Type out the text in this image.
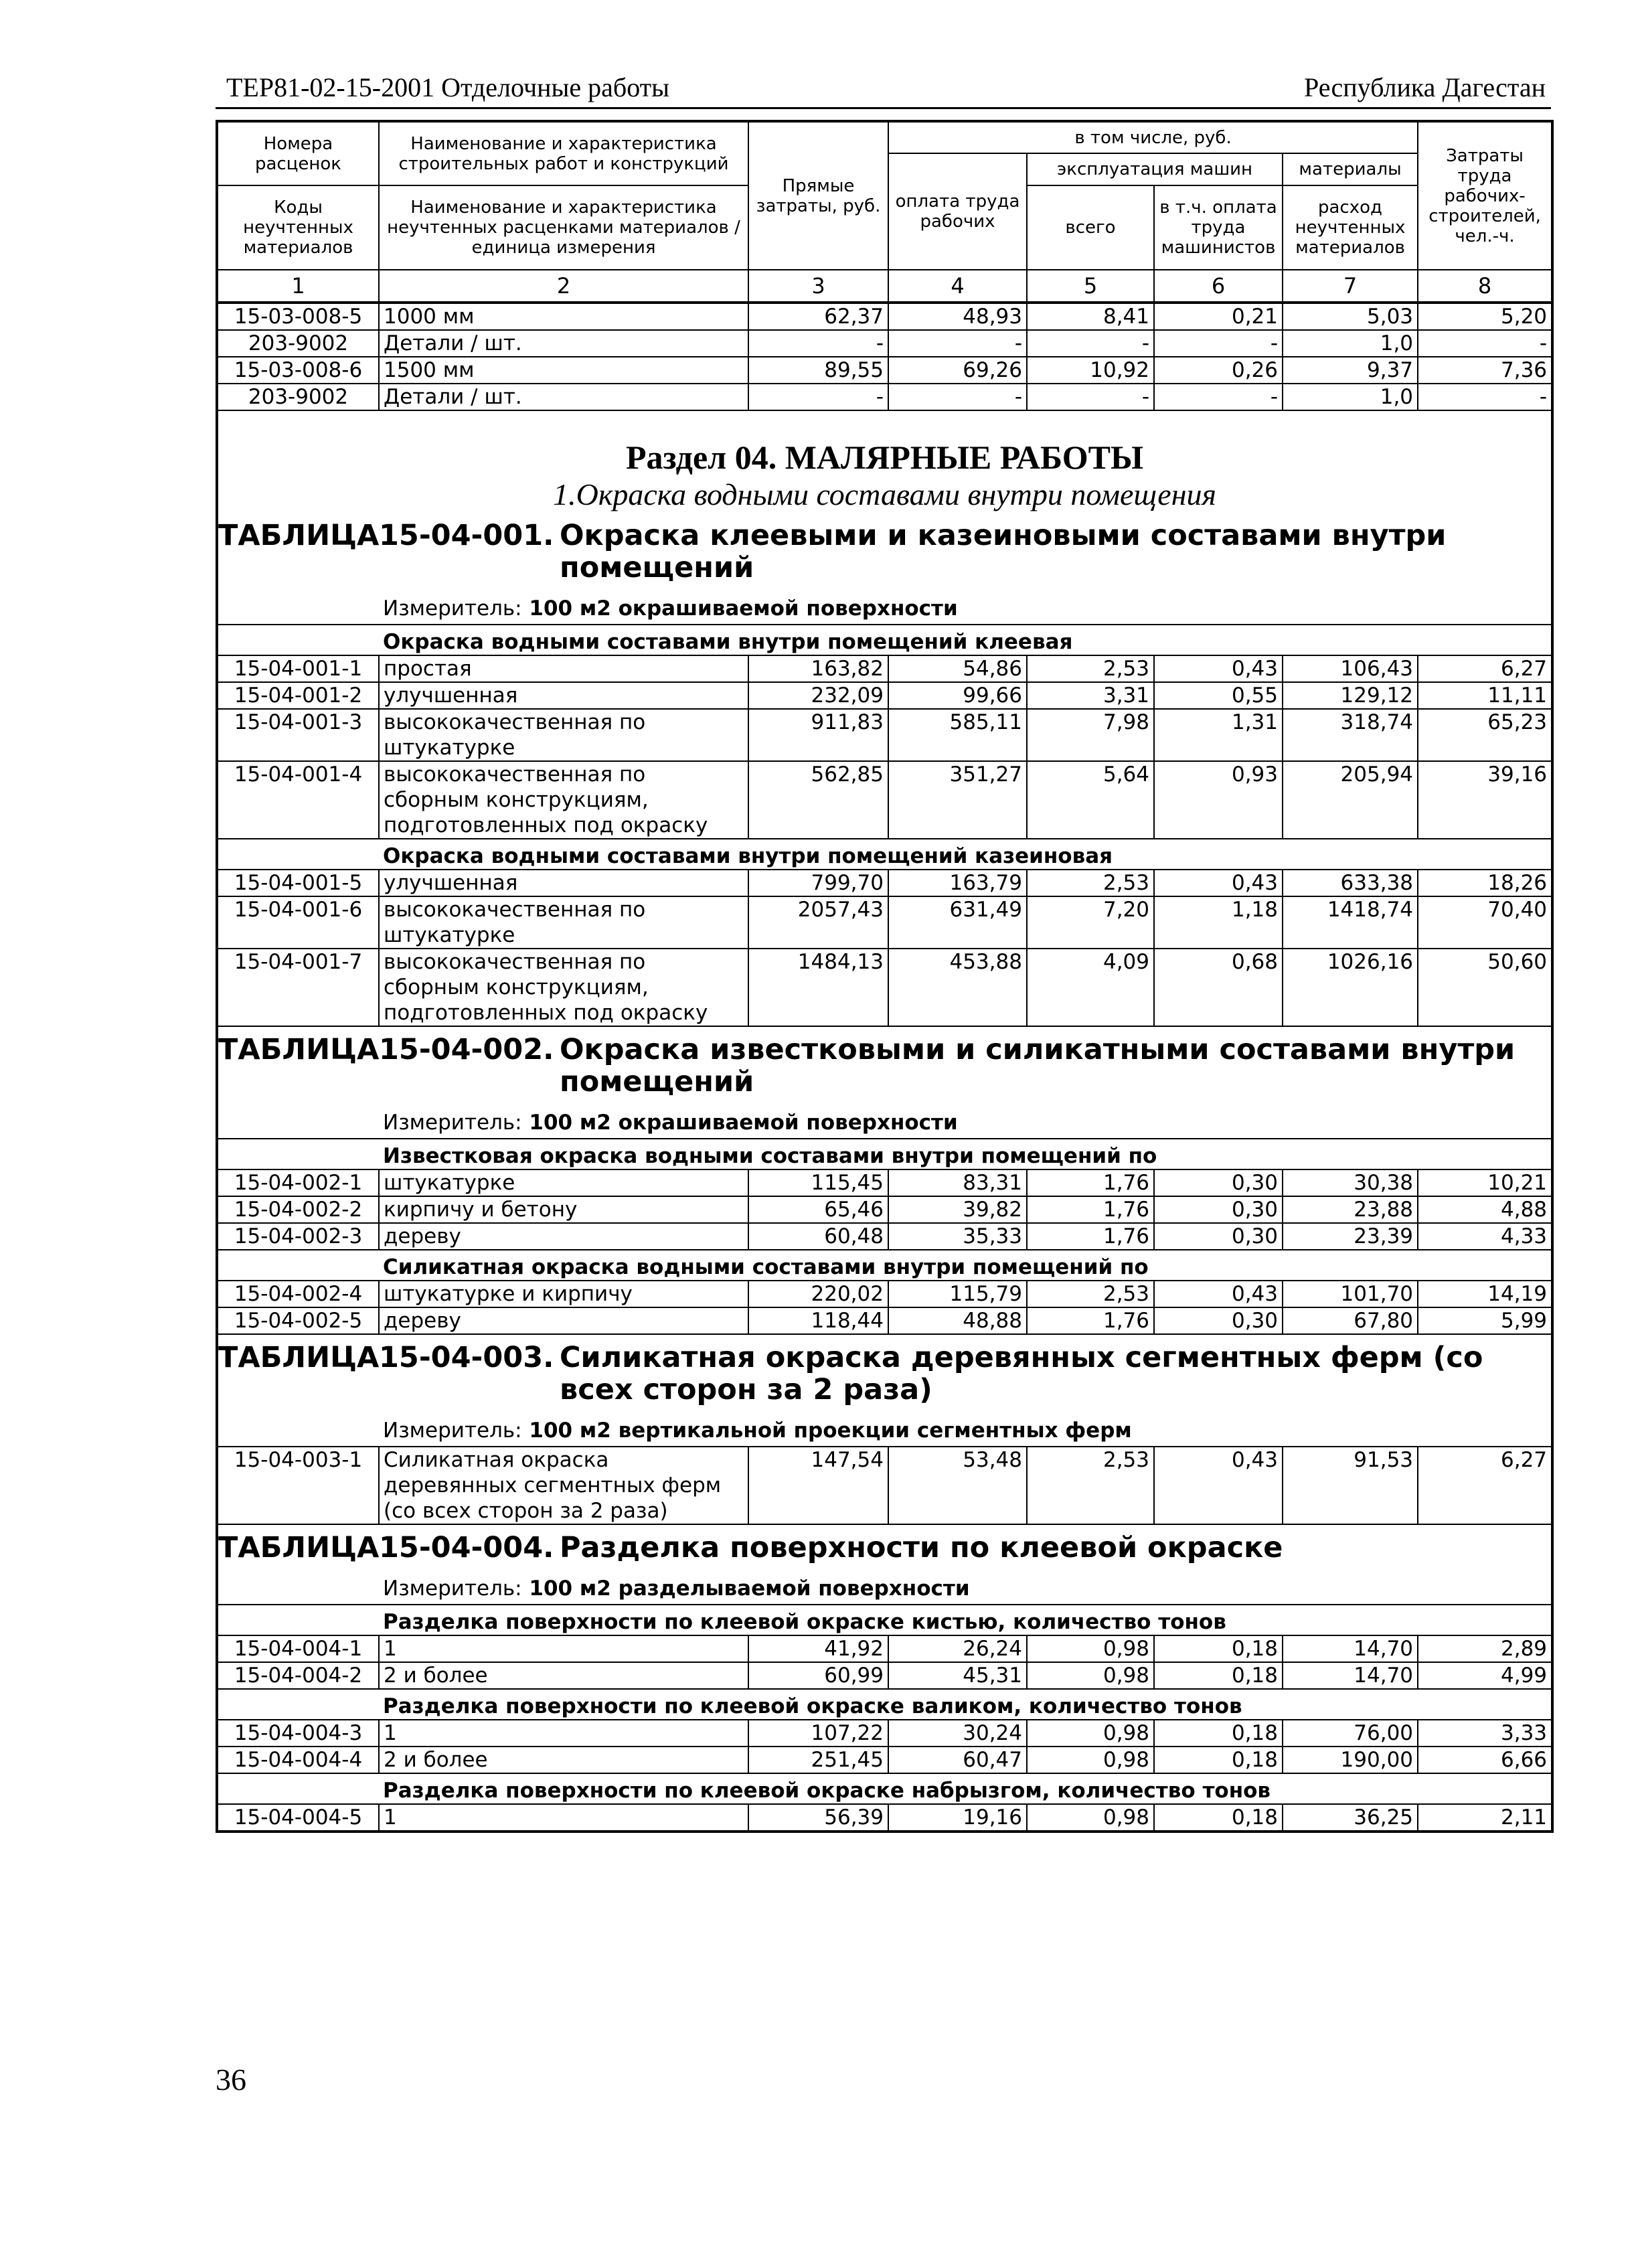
ТЕР81-02-15-2001 Отделочные работы	Республика Дагестан
Номера расценок	Наименование и характеристика строительных работ и конструкций	Прямые затраты, руб.	в том числе, руб.				Затраты труда рабочих-строителей, чел.-ч.
			оплата труда рабочих	эксплуатация машин		материалы	
Коды неучтенных материалов	Наименование и характеристика неучтенных расценками материалов / единица измерения			всего	в т.ч. оплата труда машинистов	расход неучтенных материалов	

1	2	3	4	5	6	7	8
15-03-008-5	1000 мм	62,37	48,93	8,41	0,21	5,03	5,20
203-9002	Детали / шт.	-	-	-	-	1,0	-
15-03-008-6	1500 мм	89,55	69,26	10,92	0,26	9,37	7,36
203-9002	Детали / шт.	-	-	-	-	1,0	-

Раздел 04. МАЛЯРНЫЕ РАБОТЫ
1.Окраска водными составами внутри помещения							

ТАБЛИЦА 15-04-001. Окраска клеевыми и казеиновыми составами внутри помещений							

	Измеритель: 100 м2 окрашиваемой поверхности						
	Окраска водными составами внутри помещений клеевая						
15-04-001-1	простая	163,82	54,86	2,53	0,43	106,43	6,27
15-04-001-2	улучшенная	232,09	99,66	3,31	0,55	129,12	11,11
15-04-001-3	высококачественная по штукатурке	911,83	585,11	7,98	1,31	318,74	65,23
15-04-001-4	высококачественная по сборным конструкциям, подготовленных под окраску	562,85	351,27	5,64	0,93	205,94	39,16
	Окраска водными составами внутри помещений казеиновая						
15-04-001-5	улучшенная	799,70	163,79	2,53	0,43	633,38	18,26
15-04-001-6	высококачественная по штукатурке	2057,43	631,49	7,20	1,18	1418,74	70,40
15-04-001-7	высококачественная по сборным конструкциям, подготовленных под окраску	1484,13	453,88	4,09	0,68	1026,16	50,60

ТАБЛИЦА 15-04-002. Окраска известковыми и силикатными составами внутри помещений							

	Измеритель: 100 м2 окрашиваемой поверхности						
	Известковая окраска водными составами внутри помещений по						
15-04-002-1	штукатурке	115,45	83,31	1,76	0,30	30,38	10,21
15-04-002-2	кирпичу и бетону	65,46	39,82	1,76	0,30	23,88	4,88
15-04-002-3	дереву	60,48	35,33	1,76	0,30	23,39	4,33
	Силикатная окраска водными составами внутри помещений по						
15-04-002-4	штукатурке и кирпичу	220,02	115,79	2,53	0,43	101,70	14,19
15-04-002-5	дереву	118,44	48,88	1,76	0,30	67,80	5,99

ТАБЛИЦА 15-04-003. Силикатная окраска деревянных сегментных ферм (со всех сторон за 2 раза)							

	Измеритель: 100 м2 вертикальной проекции сегментных ферм						
15-04-003-1	Силикатная окраска деревянных сегментных ферм (со всех сторон за 2 раза)	147,54	53,48	2,53	0,43	91,53	6,27

ТАБЛИЦА 15-04-004. Разделка поверхности по клеевой окраске							

	Измеритель: 100 м2 разделываемой поверхности						
	Разделка поверхности по клеевой окраске кистью, количество тонов						
15-04-004-1	1	41,92	26,24	0,98	0,18	14,70	2,89
15-04-004-2	2 и более	60,99	45,31	0,98	0,18	14,70	4,99
	Разделка поверхности по клеевой окраске валиком, количество тонов						
15-04-004-3	1	107,22	30,24	0,98	0,18	76,00	3,33
15-04-004-4	2 и более	251,45	60,47	0,98	0,18	190,00	6,66
	Разделка поверхности по клеевой окраске набрызгом, количество тонов						
15-04-004-5	1	56,39	19,16	0,98	0,18	36,25	2,11
36
